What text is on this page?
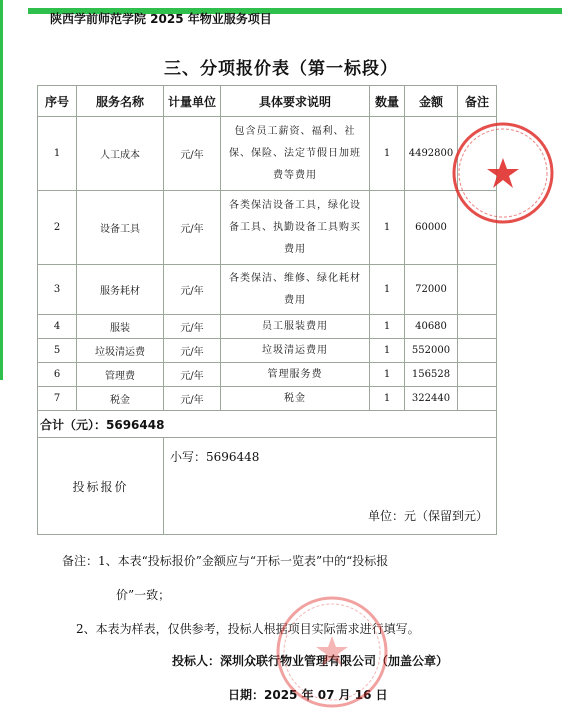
陕西学前师范学院 2025 年物业服务项目
三、分项报价表（第一标段）
序号	服务名称	计量单位	具体要求说明	数量	金额	备注
1	人工成本	元/年	包含员工薪资、福利、社
保、保险、法定节假日加班
费等费用	1	4492800	
2	设备工具	元/年	各类保洁设备工具，绿化设
备工具、执勤设备工具购买
费用	1	60000	
3	服务耗材	元/年	各类保洁、维修、绿化耗材
费用	1	72000	
4	服装	元/年	员工服装费用	1	40680	
5	垃圾清运费	元/年	垃圾清运费用	1	552000	
6	管理费	元/年	管理服务费	1	156528	
7	税金	元/年	税金	1	322440	
合计（元）：5696448						
投标报价		小写：5696448
单位：元（保留到元）				
备注：1、本表“投标报价”金额应与“开标一览表”中的“投标报
价”一致；
2、本表为样表，仅供参考，投标人根据项目实际需求进行填写。
投标人：深圳众联行物业管理有限公司（加盖公章）
日期：2025 年 07 月 16 日
